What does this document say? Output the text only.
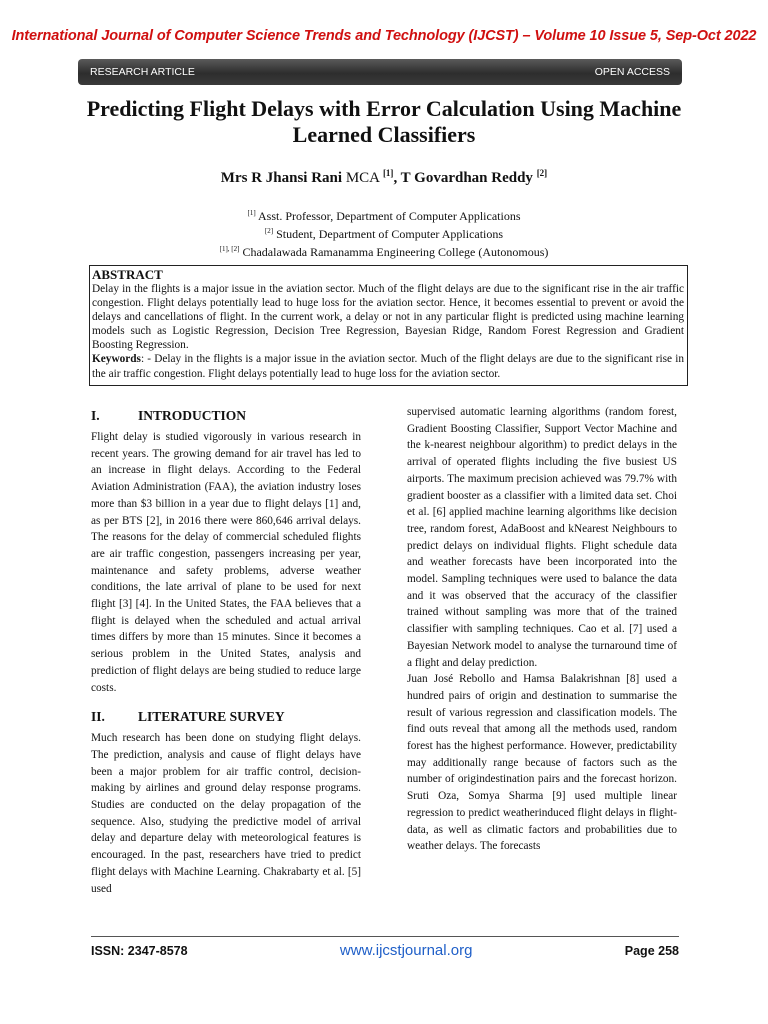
International Journal of Computer Science Trends and Technology (IJCST) – Volume 10 Issue 5, Sep-Oct 2022
RESEARCH ARTICLE	OPEN ACCESS
Predicting Flight Delays with Error Calculation Using Machine Learned Classifiers
Mrs R Jhansi Rani MCA [1], T Govardhan Reddy [2]
[1] Asst. Professor, Department of Computer Applications
[2] Student, Department of Computer Applications
[1], [2] Chadalawada Ramanamma Engineering College (Autonomous)
ABSTRACT
Delay in the flights is a major issue in the aviation sector. Much of the flight delays are due to the significant rise in the air traffic congestion. Flight delays potentially lead to huge loss for the aviation sector. Hence, it becomes essential to prevent or avoid the delays and cancellations of flight. In the current work, a delay or not in any particular flight is predicted using machine learning models such as Logistic Regression, Decision Tree Regression, Bayesian Ridge, Random Forest Regression and Gradient Boosting Regression.
Keywords: - Delay in the flights is a major issue in the aviation sector. Much of the flight delays are due to the significant rise in the air traffic congestion. Flight delays potentially lead to huge loss for the aviation sector.
I.	INTRODUCTION

Flight delay is studied vigorously in various research in recent years. The growing demand for air travel has led to an increase in flight delays. According to the Federal Aviation Administration (FAA), the aviation industry loses more than $3 billion in a year due to flight delays [1] and, as per BTS [2], in 2016 there were 860,646 arrival delays. The reasons for the delay of commercial scheduled flights are air traffic congestion, passengers increasing per year, maintenance and safety problems, adverse weather conditions, the late arrival of plane to be used for next flight [3] [4]. In the United States, the FAA believes that a flight is delayed when the scheduled and actual arrival times differs by more than 15 minutes. Since it becomes a serious problem in the United States, analysis and prediction of flight delays are being studied to reduce large costs.

II.	LITERATURE SURVEY

Much research has been done on studying flight delays. The prediction, analysis and cause of flight delays have been a major problem for air traffic control, decision-making by airlines and ground delay response programs. Studies are conducted on the delay propagation of the sequence. Also, studying the predictive model of arrival delay and departure delay with meteorological features is encouraged. In the past, researchers have tried to predict flight delays with Machine Learning. Chakrabarty et al. [5] used

supervised automatic learning algorithms (random forest, Gradient Boosting Classifier, Support Vector Machine and the k-nearest neighbour algorithm) to predict delays in the arrival of operated flights including the five busiest US airports. The maximum precision achieved was 79.7% with gradient booster as a classifier with a limited data set. Choi et al. [6] applied machine learning algorithms like decision tree, random forest, AdaBoost and kNearest Neighbours to predict delays on individual flights. Flight schedule data and weather forecasts have been incorporated into the model. Sampling techniques were used to balance the data and it was observed that the accuracy of the classifier trained without sampling was more that of the trained classifier with sampling techniques. Cao et al. [7] used a Bayesian Network model to analyse the turnaround time of a flight and delay prediction.

Juan José Rebollo and Hamsa Balakrishnan [8] used a hundred pairs of origin and destination to summarise the result of various regression and classification models. The find outs reveal that among all the methods used, random forest has the highest performance. However, predictability may additionally range because of factors such as the number of origindestination pairs and the forecast horizon. Sruti Oza, Somya Sharma [9] used multiple linear regression to predict weatherinduced flight delays in flight-data, as well as climatic factors and probabilities due to weather delays. The forecasts

ISSN: 2347-8578	www.ijcstjournal.org	Page 258
